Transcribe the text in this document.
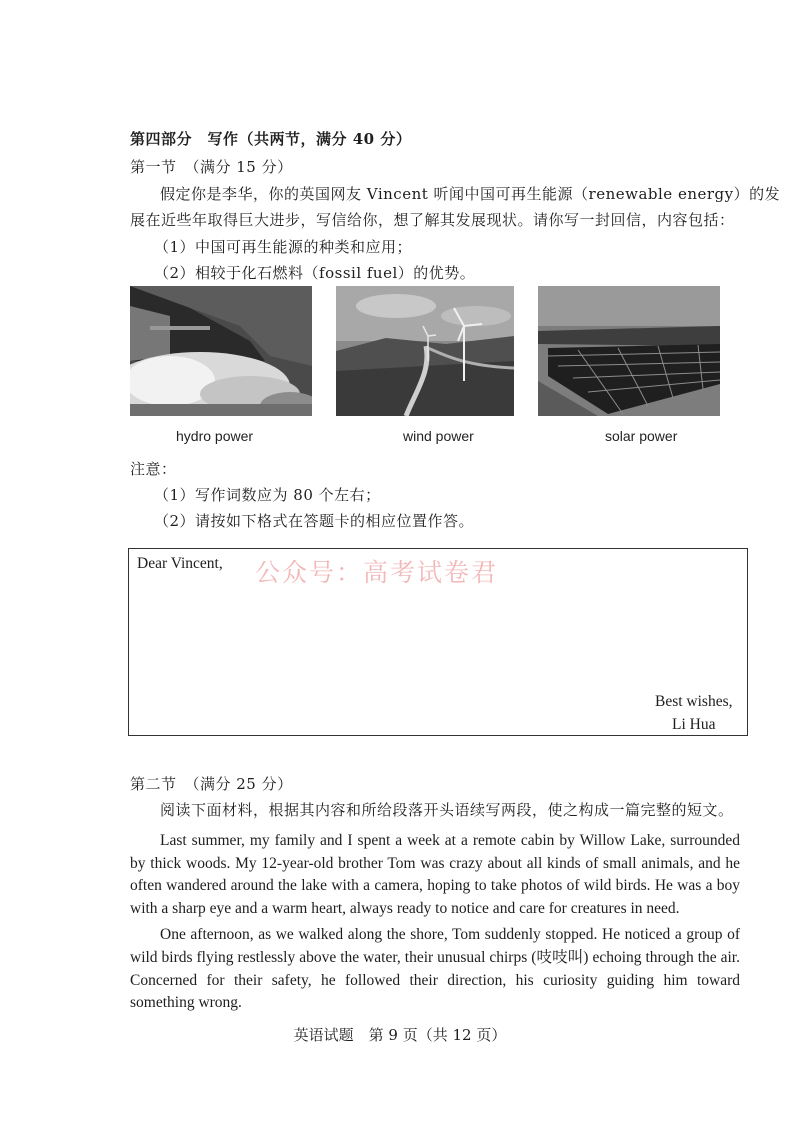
第四部分　写作（共两节，满分 40 分）
第一节　（满分 15 分）
假定你是李华，你的英国网友 Vincent 听闻中国可再生能源（renewable energy）的发
展在近些年取得巨大进步，写信给你，想了解其发展现状。请你写一封回信，内容包括：
（1）中国可再生能源的种类和应用；
（2）相较于化石燃料（fossil fuel）的优势。
hydro power	wind power	solar power
注意：
（1）写作词数应为 80 个左右；
（2）请按如下格式在答题卡的相应位置作答。
公众号：高考试卷君
Dear Vincent,
Best wishes,
Li Hua
第二节　（满分 25 分）
阅读下面材料，根据其内容和所给段落开头语续写两段，使之构成一篇完整的短文。

Last summer, my family and I spent a week at a remote cabin by Willow Lake, surrounded by thick woods. My 12-year-old brother Tom was crazy about all kinds of small animals, and he often wandered around the lake with a camera, hoping to take photos of wild birds. He was a boy with a sharp eye and a warm heart, always ready to notice and care for creatures in need.

One afternoon, as we walked along the shore, Tom suddenly stopped. He noticed a group of wild birds flying restlessly above the water, their unusual chirps (吱吱叫) echoing through the air. Concerned for their safety, he followed their direction, his curiosity guiding him toward something wrong.

英语试题　第 9 页（共 12 页）
